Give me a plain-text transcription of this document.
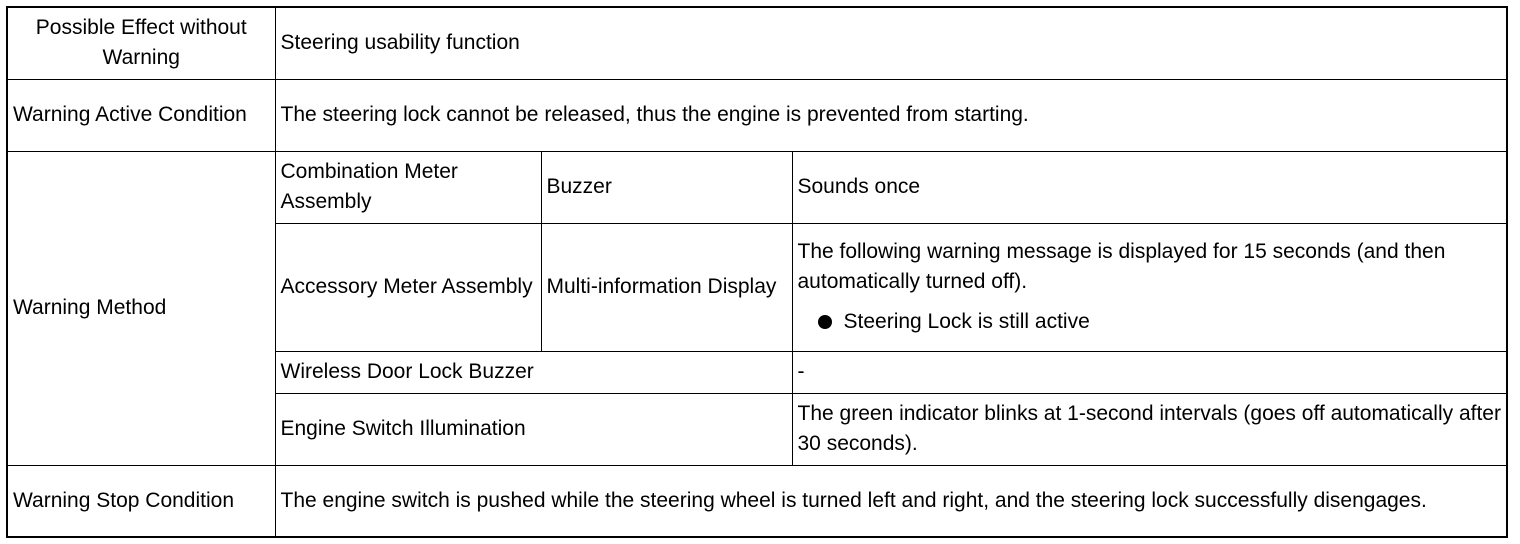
Possible Effect without Warning	Steering usability function		
Warning Active Condition	The steering lock cannot be released, thus the engine is prevented from starting.		
Warning Method	Combination Meter Assembly	Buzzer	Sounds once
	Accessory Meter Assembly	Multi-information Display	The following warning message is displayed for 15 seconds (and then automatically turned off).
Steering Lock is still active

	Wireless Door Lock Buzzer		-
	Engine Switch Illumination		The green indicator blinks at 1-second intervals (goes off automatically after 30 seconds).
Warning Stop Condition	The engine switch is pushed while the steering wheel is turned left and right, and the steering lock successfully disengages.		
